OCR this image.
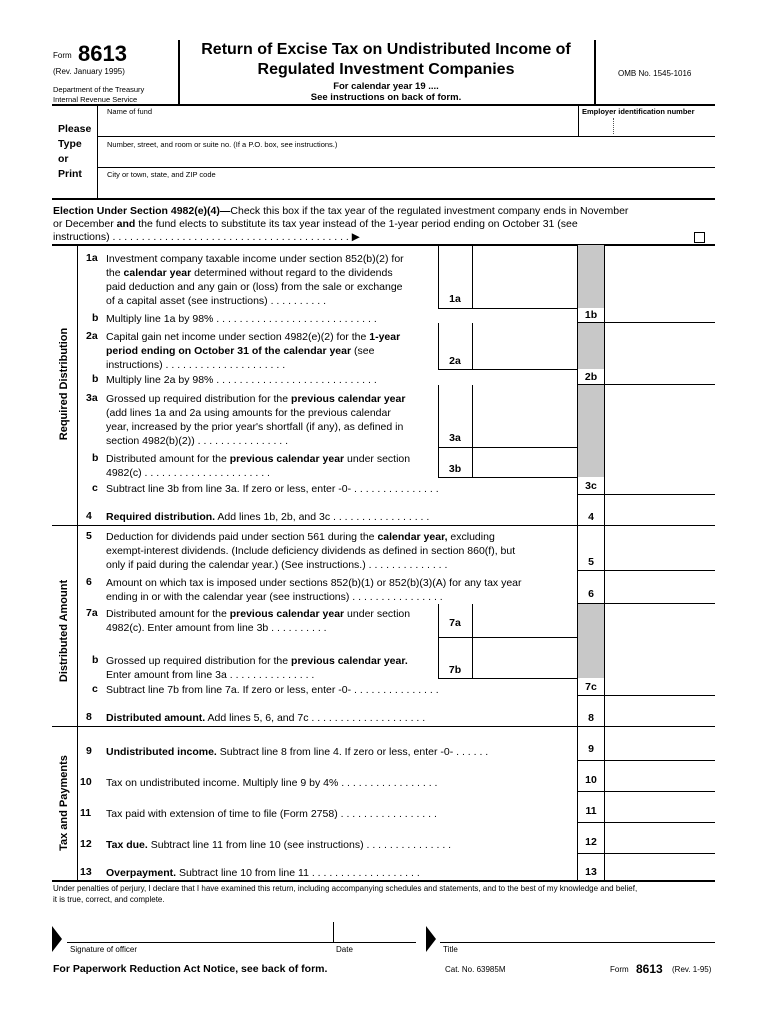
Form 8613
(Rev. January 1995)
Department of the Treasury
Internal Revenue Service
Return of Excise Tax on Undistributed Income of
Regulated Investment Companies
For calendar year 19 ....
See instructions on back of form.
OMB No. 1545-1016
Name of fund	Employer identification number
Please
Type
or
Print
Number, street, and room or suite no. (If a P.O. box, see instructions.)
City or town, state, and ZIP code
Election Under Section 4982(e)(4)—Check this box if the tax year of the regulated investment company ends in November
or December and the fund elects to substitute its tax year instead of the 1-year period ending on October 31 (see
instructions) . . . . . . . . . . . . . . . . . . . . . . . . . . . . . . . . . . . . . . . . . ▶
Required Distribution
Distributed Amount
Tax and Payments
1a Investment company taxable income under section 852(b)(2) for
the calendar year determined without regard to the dividends
paid deduction and any gain or (loss) from the sale or exchange
of a capital asset (see instructions) . . . . . . . . . .	1a
b Multiply line 1a by 98% . . . . . . . . . . . . . . . . . . . . . . . . . . . .	1b
2a Capital gain net income under section 4982(e)(2) for the 1-year
period ending on October 31 of the calendar year (see
instructions) . . . . . . . . . . . . . . . . . . . . .	2a
b Multiply line 2a by 98% . . . . . . . . . . . . . . . . . . . . . . . . . . . .	2b
3a Grossed up required distribution for the previous calendar year
(add lines 1a and 2a using amounts for the previous calendar
year, increased by the prior year's shortfall (if any), as defined in
section 4982(b)(2)) . . . . . . . . . . . . . . . .	3a
b Distributed amount for the previous calendar year under section
4982(c) . . . . . . . . . . . . . . . . . . . . . .	3b
c Subtract line 3b from line 3a. If zero or less, enter -0- . . . . . . . . . . . . . . .	3c
4 Required distribution. Add lines 1b, 2b, and 3c . . . . . . . . . . . . . . . . .	4
5 Deduction for dividends paid under section 561 during the calendar year, excluding
exempt-interest dividends. (Include deficiency dividends as defined in section 860(f), but
only if paid during the calendar year.) (See instructions.) . . . . . . . . . . . . . .	5
6 Amount on which tax is imposed under sections 852(b)(1) or 852(b)(3)(A) for any tax year
ending in or with the calendar year (see instructions) . . . . . . . . . . . . . . . .	6
7a Distributed amount for the previous calendar year under section
4982(c). Enter amount from line 3b . . . . . . . . . .	7a
b Grossed up required distribution for the previous calendar year.
Enter amount from line 3a . . . . . . . . . . . . . . .	7b
c Subtract line 7b from line 7a. If zero or less, enter -0- . . . . . . . . . . . . . . .	7c
8 Distributed amount. Add lines 5, 6, and 7c . . . . . . . . . . . . . . . . . . . .	8
9 Undistributed income. Subtract line 8 from line 4. If zero or less, enter -0- . . . . . .	9
10 Tax on undistributed income. Multiply line 9 by 4% . . . . . . . . . . . . . . . . .	10
11 Tax paid with extension of time to file (Form 2758) . . . . . . . . . . . . . . . . .	11
12 Tax due. Subtract line 11 from line 10 (see instructions) . . . . . . . . . . . . . . .	12
13 Overpayment. Subtract line 10 from line 11 . . . . . . . . . . . . . . . . . . .	13
Under penalties of perjury, I declare that I have examined this return, including accompanying schedules and statements, and to the best of my knowledge and belief,
it is true, correct, and complete.
Signature of officer	Date	Title
For Paperwork Reduction Act Notice, see back of form.	Cat. No. 63985M	Form 8613 (Rev. 1-95)
